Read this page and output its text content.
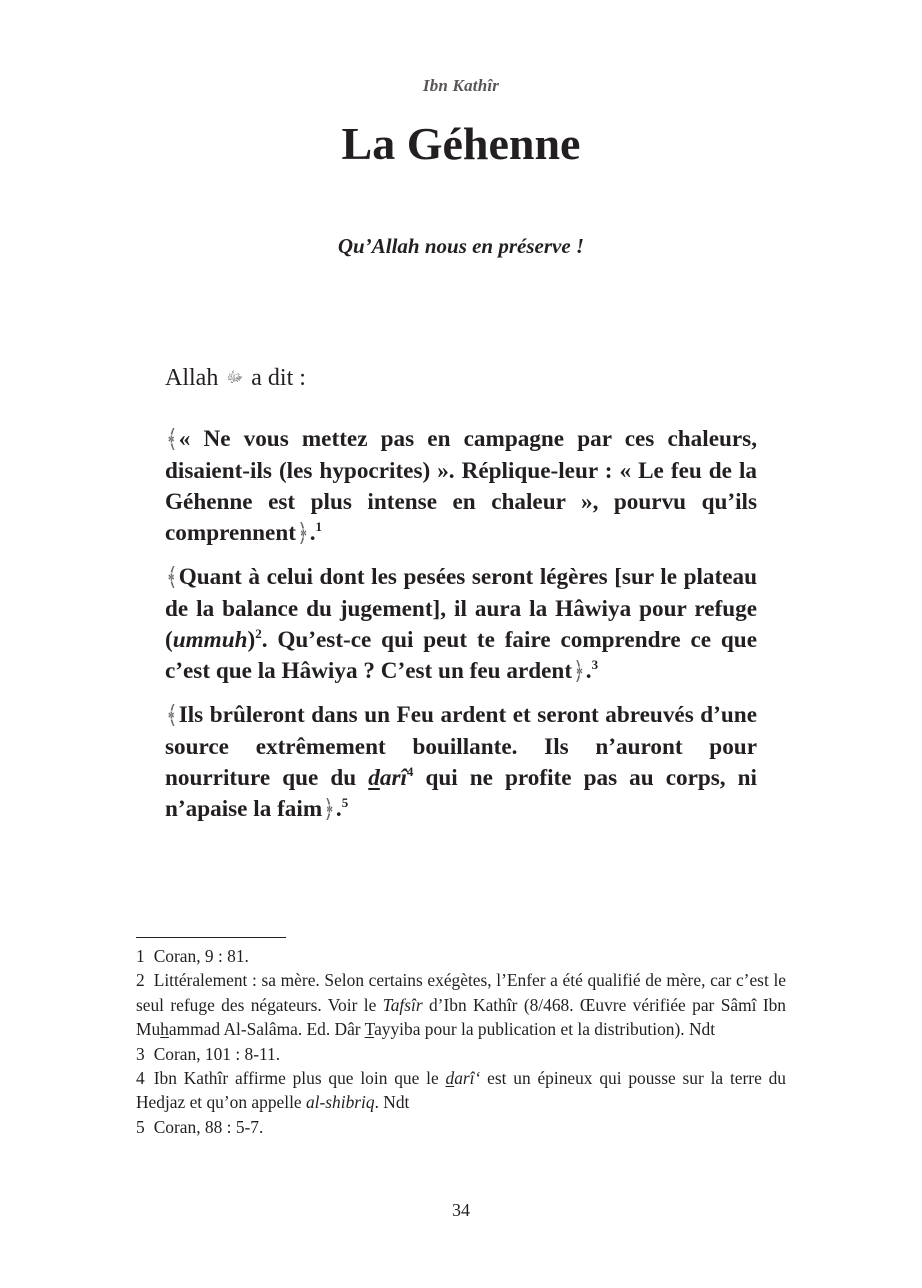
Ibn Kathîr
La Géhenne
Qu’Allah nous en préserve !
Allah ﷻ a dit :

﴾« Ne vous mettez pas en campagne par ces chaleurs, disaient-ils (les hypocrites) ». Réplique-leur : « Le feu de la Géhenne est plus intense en chaleur », pourvu qu’ils comprennent﴿.$^1$

﴾Quant à celui dont les pesées seront légères [sur le plateau de la balance du jugement], il aura la Hâwiya pour refuge (ummuh)$^2$. Qu’est-ce qui peut te faire comprendre ce que c’est que la Hâwiya ? C’est un feu ardent﴿.$^3$

﴾Ils brûleront dans un Feu ardent et seront abreuvés d’une source extrêmement bouillante. Ils n’auront pour nourriture que du darî$^4$ qui ne profite pas au corps, ni n’apaise la faim﴿.$^5$

1 Coran, 9 : 81.

2 Littéralement : sa mère. Selon certains exégètes, l’Enfer a été qualifié de mère, car c’est le seul refuge des négateurs. Voir le Tafsîr d’Ibn Kathîr (8/468. Œuvre vérifiée par Sâmî Ibn Muhammad Al-Salâma. Ed. Dâr Tayyiba pour la publication et la distribution). Ndt

3 Coran, 101 : 8-11.

4 Ibn Kathîr affirme plus que loin que le darî‘ est un épineux qui pousse sur la terre du Hedjaz et qu’on appelle al-shibriq. Ndt

5 Coran, 88 : 5-7.

34
